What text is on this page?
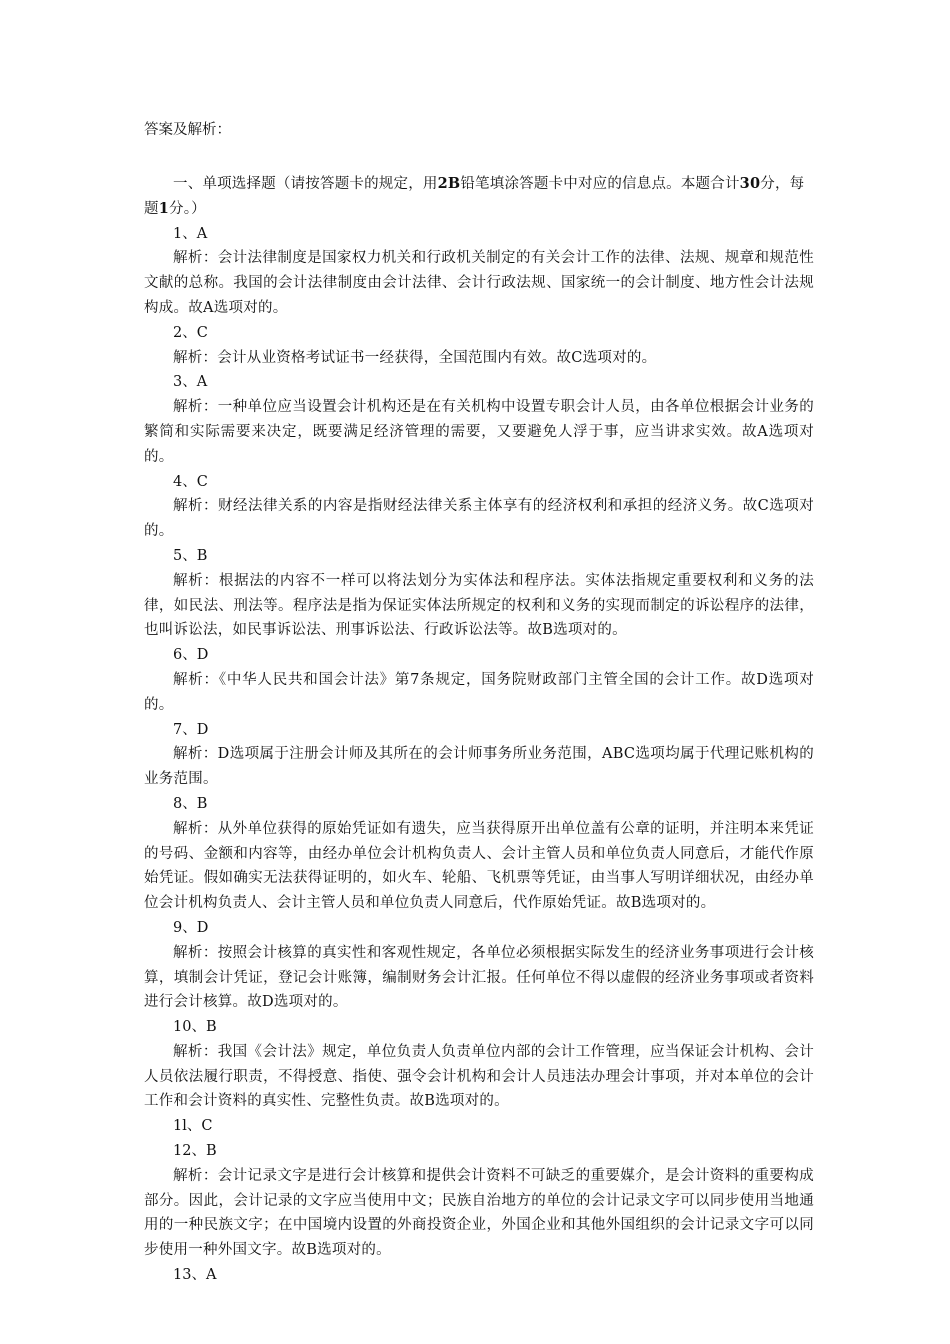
答案及解析：

一、单项选择题（请按答题卡的规定，用2B铅笔填涂答题卡中对应的信息点。本题合计30分，每题1分。）

1、A

解析：会计法律制度是国家权力机关和行政机关制定的有关会计工作的法律、法规、规章和规范性文献的总称。我国的会计法律制度由会计法律、会计行政法规、国家统一的会计制度、地方性会计法规构成。故A选项对的。

2、C

解析：会计从业资格考试证书一经获得，全国范围内有效。故C选项对的。

3、A

解析：一种单位应当设置会计机构还是在有关机构中设置专职会计人员，由各单位根据会计业务的繁简和实际需要来决定，既要满足经济管理的需要，又要避免人浮于事，应当讲求实效。故A选项对的。

4、C

解析：财经法律关系的内容是指财经法律关系主体享有的经济权利和承担的经济义务。故C选项对的。

5、B

解析：根据法的内容不一样可以将法划分为实体法和程序法。实体法指规定重要权利和义务的法律，如民法、刑法等。程序法是指为保证实体法所规定的权利和义务的实现而制定的诉讼程序的法律，也叫诉讼法，如民事诉讼法、刑事诉讼法、行政诉讼法等。故B选项对的。

6、D

解析：《中华人民共和国会计法》第7条规定，国务院财政部门主管全国的会计工作。故D选项对的。

7、D

解析：D选项属于注册会计师及其所在的会计师事务所业务范围，ABC选项均属于代理记账机构的业务范围。

8、B

解析：从外单位获得的原始凭证如有遗失，应当获得原开出单位盖有公章的证明，并注明本来凭证的号码、金额和内容等，由经办单位会计机构负责人、会计主管人员和单位负责人同意后，才能代作原始凭证。假如确实无法获得证明的，如火车、轮船、飞机票等凭证，由当事人写明详细状况，由经办单位会计机构负责人、会计主管人员和单位负责人同意后，代作原始凭证。故B选项对的。

9、D

解析：按照会计核算的真实性和客观性规定，各单位必须根据实际发生的经济业务事项进行会计核算，填制会计凭证，登记会计账簿，编制财务会计汇报。任何单位不得以虚假的经济业务事项或者资料进行会计核算。故D选项对的。

10、B

解析：我国《会计法》规定，单位负责人负责单位内部的会计工作管理，应当保证会计机构、会计人员依法履行职责，不得授意、指使、强令会计机构和会计人员违法办理会计事项，并对本单位的会计工作和会计资料的真实性、完整性负责。故B选项对的。

1l、C

12、B

解析：会计记录文字是进行会计核算和提供会计资料不可缺乏的重要媒介，是会计资料的重要构成部分。因此，会计记录的文字应当使用中文；民族自治地方的单位的会计记录文字可以同步使用当地通用的一种民族文字；在中国境内设置的外商投资企业，外国企业和其他外国组织的会计记录文字可以同步使用一种外国文字。故B选项对的。

13、A
